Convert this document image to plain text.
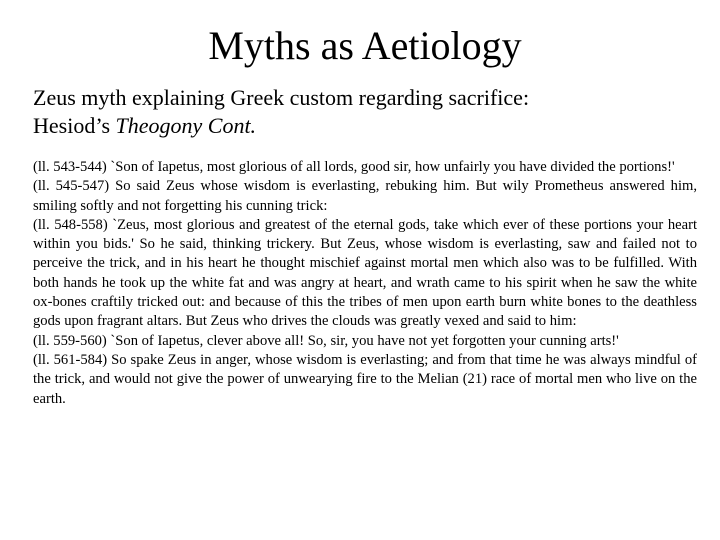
Myths as Aetiology
Zeus myth explaining Greek custom regarding sacrifice:
Hesiod’s Theogony Cont.
(ll. 543-544) `Son of Iapetus, most glorious of all lords, good sir, how unfairly you have divided the portions!'
(ll. 545-547) So said Zeus whose wisdom is everlasting, rebuking him. But wily Prometheus answered him, smiling softly and not forgetting his cunning trick:
(ll. 548-558) `Zeus, most glorious and greatest of the eternal gods, take which ever of these portions your heart within you bids.' So he said, thinking trickery. But Zeus, whose wisdom is everlasting, saw and failed not to perceive the trick, and in his heart he thought mischief against mortal men which also was to be fulfilled. With both hands he took up the white fat and was angry at heart, and wrath came to his spirit when he saw the white ox-bones craftily tricked out: and because of this the tribes of men upon earth burn white bones to the deathless gods upon fragrant altars. But Zeus who drives the clouds was greatly vexed and said to him:
(ll. 559-560) `Son of Iapetus, clever above all! So, sir, you have not yet forgotten your cunning arts!'
(ll. 561-584) So spake Zeus in anger, whose wisdom is everlasting; and from that time he was always mindful of the trick, and would not give the power of unwearying fire to the Melian (21) race of mortal men who live on the earth.
